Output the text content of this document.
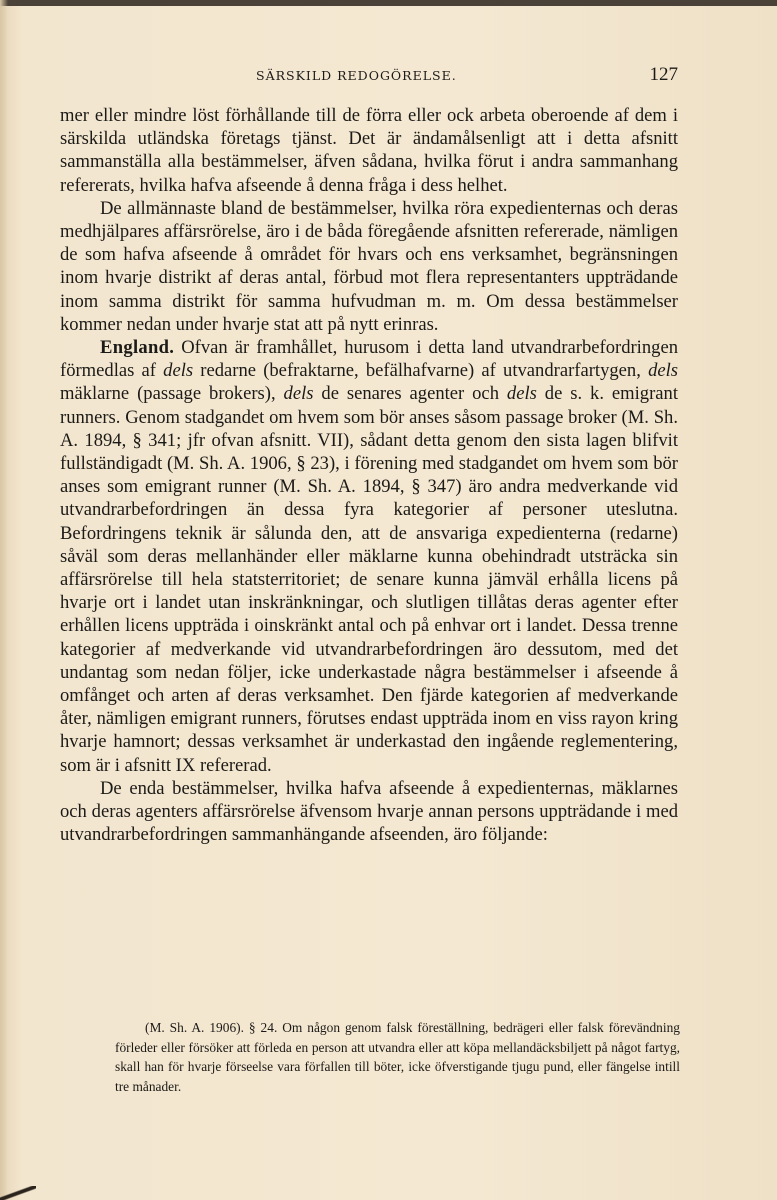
SÄRSKILD REDOGÖRELSE.	127

mer eller mindre löst förhållande till de förra eller ock arbeta oberoende af dem i särskilda utländska företags tjänst. Det är ändamålsenligt att i detta afsnitt sammanställa alla bestämmelser, äfven sådana, hvilka förut i andra sammanhang refererats, hvilka hafva afseende å denna fråga i dess helhet.

De allmännaste bland de bestämmelser, hvilka röra expedienternas och deras medhjälpares affärsrörelse, äro i de båda föregående afsnitten refererade, nämligen de som hafva afseende å området för hvars och ens verksamhet, begränsningen inom hvarje distrikt af deras antal, förbud mot flera representanters uppträdande inom samma distrikt för samma hufvudman m. m. Om dessa bestämmelser kommer nedan under hvarje stat att på nytt erinras.

England. Ofvan är framhållet, hurusom i detta land utvandrarbefordringen förmedlas af dels redarne (befraktarne, befälhafvarne) af utvandrarfartygen, dels mäklarne (passage brokers), dels de senares agenter och dels de s. k. emigrant runners. Genom stadgandet om hvem som bör anses såsom passage broker (M. Sh. A. 1894, § 341; jfr ofvan afsnitt. VII), sådant detta genom den sista lagen blifvit fullständigadt (M. Sh. A. 1906, § 23), i förening med stadgandet om hvem som bör anses som emigrant runner (M. Sh. A. 1894, § 347) äro andra medverkande vid utvandrarbefordringen än dessa fyra kategorier af personer uteslutna. Befordringens teknik är sålunda den, att de ansvariga expedienterna (redarne) såväl som deras mellanhänder eller mäklarne kunna obehindradt utsträcka sin affärsrörelse till hela statsterritoriet; de senare kunna jämväl erhålla licens på hvarje ort i landet utan inskränkningar, och slutligen tillåtas deras agenter efter erhållen licens uppträda i oinskränkt antal och på enhvar ort i landet. Dessa trenne kategorier af medverkande vid utvandrarbefordringen äro dessutom, med det undantag som nedan följer, icke underkastade några bestämmelser i afseende å omfånget och arten af deras verksamhet. Den fjärde kategorien af medverkande åter, nämligen emigrant runners, förutses endast uppträda inom en viss rayon kring hvarje hamnort; dessas verksamhet är underkastad den ingående reglementering, som är i afsnitt IX refererad.

De enda bestämmelser, hvilka hafva afseende å expedienternas, mäklarnes och deras agenters affärsrörelse äfvensom hvarje annan persons uppträdande i med utvandrarbefordringen sammanhängande afseenden, äro följande:

(M. Sh. A. 1906). § 24. Om någon genom falsk föreställning, bedrägeri eller falsk förevändning förleder eller försöker att förleda en person att utvandra eller att köpa mellandäcksbiljett på något fartyg, skall han för hvarje förseelse vara förfallen till böter, icke öfverstigande tjugu pund, eller fängelse intill tre månader.
